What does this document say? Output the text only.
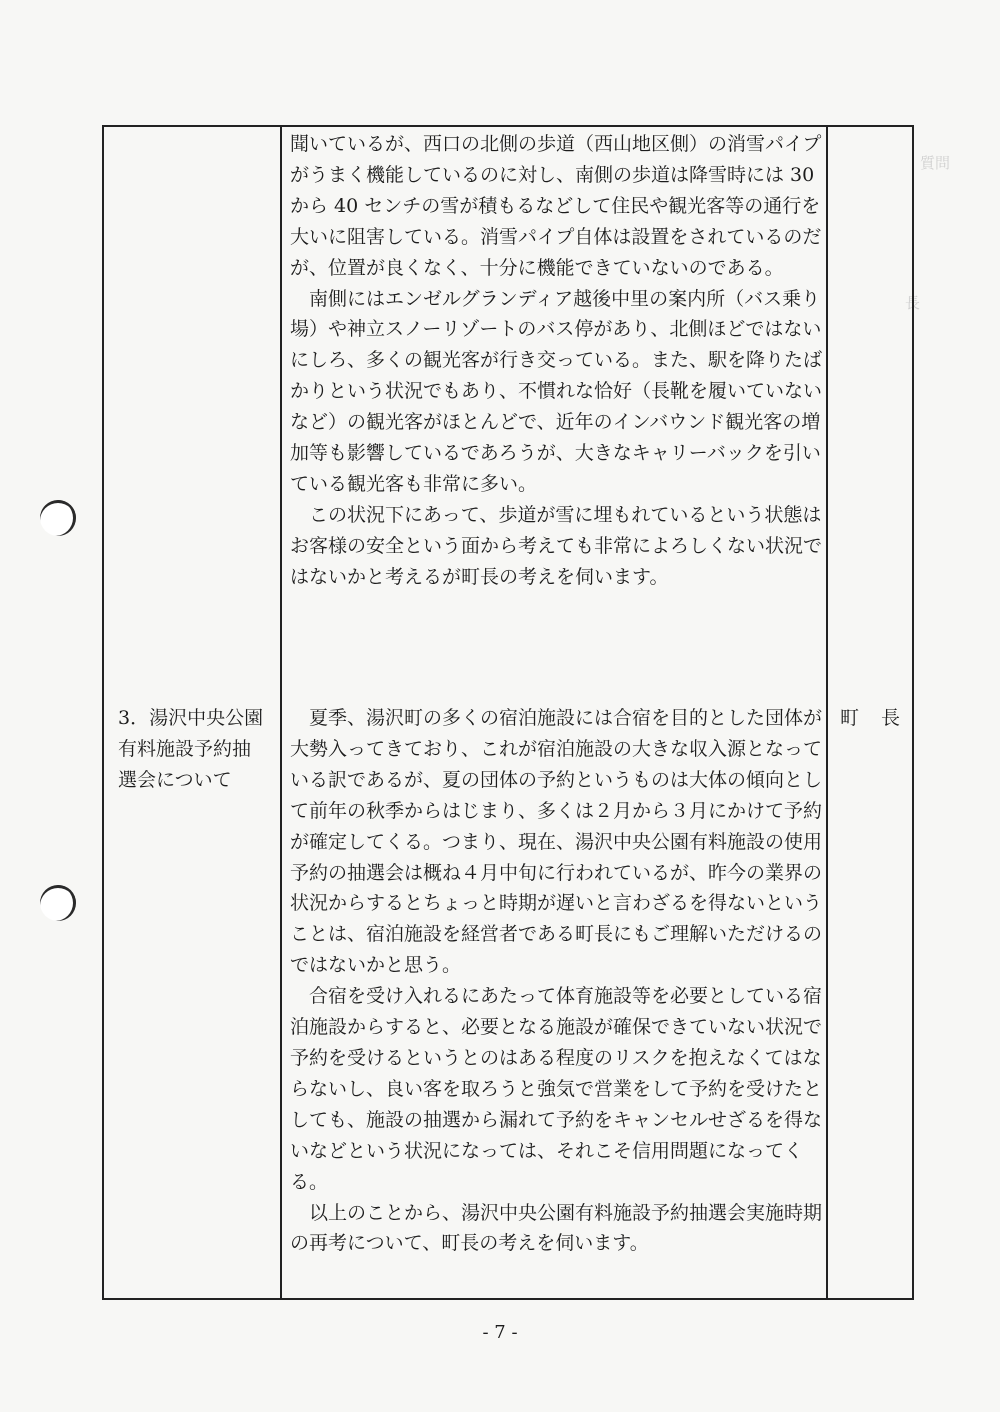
質問
長

聞いているが、西口の北側の歩道（西山地区側）の消雪パイプがうまく機能しているのに対し、南側の歩道は降雪時には 30 から 40 センチの雪が積もるなどして住民や観光客等の通行を大いに阻害している。消雪パイプ自体は設置をされているのだが、位置が良くなく、十分に機能できていないのである。

南側にはエンゼルグランディア越後中里の案内所（バス乗り場）や神立スノーリゾートのバス停があり、北側ほどではないにしろ、多くの観光客が行き交っている。また、駅を降りたばかりという状況でもあり、不慣れな恰好（長靴を履いていないなど）の観光客がほとんどで、近年のインバウンド観光客の増加等も影響しているであろうが、大きなキャリーバックを引いている観光客も非常に多い。

この状況下にあって、歩道が雪に埋もれているという状態はお客様の安全という面から考えても非常によろしくない状況ではないかと考えるが町長の考えを伺います。

3．湯沢中央公園
有料施設予約抽
選会について

夏季、湯沢町の多くの宿泊施設には合宿を目的とした団体が大勢入ってきており、これが宿泊施設の大きな収入源となっている訳であるが、夏の団体の予約というものは大体の傾向として前年の秋季からはじまり、多くは２月から３月にかけて予約が確定してくる。つまり、現在、湯沢中央公園有料施設の使用予約の抽選会は概ね４月中旬に行われているが、昨今の業界の状況からするとちょっと時期が遅いと言わざるを得ないということは、宿泊施設を経営者である町長にもご理解いただけるのではないかと思う。

合宿を受け入れるにあたって体育施設等を必要としている宿泊施設からすると、必要となる施設が確保できていない状況で予約を受けるというとのはある程度のリスクを抱えなくてはならないし、良い客を取ろうと強気で営業をして予約を受けたとしても、施設の抽選から漏れて予約をキャンセルせざるを得ないなどという状況になっては、それこそ信用問題になってくる。

以上のことから、湯沢中央公園有料施設予約抽選会実施時期の再考について、町長の考えを伺います。

町 長
- 7 -
